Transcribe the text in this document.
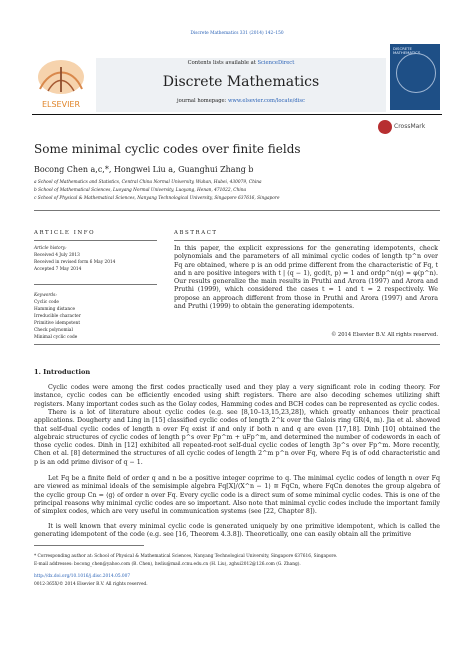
Discrete Mathematics 331 (2014) 142–150
ELSEVIER
Contents lists available at ScienceDirect
Discrete Mathematics
journal homepage: www.elsevier.com/locate/disc
DISCRETE MATHEMATICS
Some minimal cyclic codes over finite fields
CrossMark
Bocong Chen a,c,*, Hongwei Liu a, Guanghui Zhang b
a School of Mathematics and Statistics, Central China Normal University, Wuhan, Hubei, 430079, China
b School of Mathematical Sciences, Luoyang Normal University, Luoyang, Henan, 471022, China
c School of Physical & Mathematical Sciences, Nanyang Technological University, Singapore 637616, Singapore
ARTICLE INFO	ABSTRACT
Article history:
Received 4 July 2013
Received in revised form 6 May 2014
Accepted 7 May 2014
Keywords:
Cyclic code
Hamming distance
Irreducible character
Primitive idempotent
Check polynomial
Minimal cyclic code
In this paper, the explicit expressions for the generating idempotents, check polynomials and the parameters of all minimal cyclic codes of length tp^n over Fq are obtained, where p is an odd prime different from the characteristic of Fq, t and n are positive integers with t | (q − 1), gcd(t, p) = 1 and ordp^n(q) = φ(p^n). Our results generalize the main results in Pruthi and Arora (1997) and Arora and Pruthi (1999), which considered the cases t = 1 and t = 2 respectively. We propose an approach different from those in Pruthi and Arora (1997) and Arora and Pruthi (1999) to obtain the generating idempotents.
© 2014 Elsevier B.V. All rights reserved.
1. Introduction
Cyclic codes were among the first codes practically used and they play a very significant role in coding theory. For instance, cyclic codes can be efficiently encoded using shift registers. There are also decoding schemes utilizing shift registers. Many important codes such as the Golay codes, Hamming codes and BCH codes can be represented as cyclic codes.
There is a lot of literature about cyclic codes (e.g. see [8,10–13,15,23,28]), which greatly enhances their practical applications. Dougherty and Ling in [15] classified cyclic codes of length 2^k over the Galois ring GR(4, m). Jia et al. showed that self-dual cyclic codes of length n over Fq exist if and only if both n and q are even [17,18]. Dinh [10] obtained the algebraic structures of cyclic codes of length p^s over Fp^m + uFp^m, and determined the number of codewords in each of those cyclic codes. Dinh in [12] exhibited all repeated-root self-dual cyclic codes of length 3p^s over Fp^m. More recently, Chen et al. [8] determined the structures of all cyclic codes of length 2^m p^n over Fq, where Fq is of odd characteristic and p is an odd prime divisor of q − 1.
Let Fq be a finite field of order q and n be a positive integer coprime to q. The minimal cyclic codes of length n over Fq are viewed as minimal ideals of the semisimple algebra Fq[X]/⟨X^n − 1⟩ ≅ FqCn, where FqCn denotes the group algebra of the cyclic group Cn = ⟨g⟩ of order n over Fq. Every cyclic code is a direct sum of some minimal cyclic codes. This is one of the principal reasons why minimal cyclic codes are so important. Also note that minimal cyclic codes include the important family of simplex codes, which are very useful in communication systems (see [22, Chapter 8]).
It is well known that every minimal cyclic code is generated uniquely by one primitive idempotent, which is called the generating idempotent of the code (e.g. see [16, Theorem 4.3.8]). Theoretically, one can easily obtain all the primitive
* Corresponding author at: School of Physical & Mathematical Sciences, Nanyang Technological University, Singapore 637616, Singapore.
E-mail addresses: bocong_chen@yahoo.com (B. Chen), hwliu@mail.ccnu.edu.cn (H. Liu), zghui2012@126.com (G. Zhang).
http://dx.doi.org/10.1016/j.disc.2014.05.007
0012-365X/© 2014 Elsevier B.V. All rights reserved.
